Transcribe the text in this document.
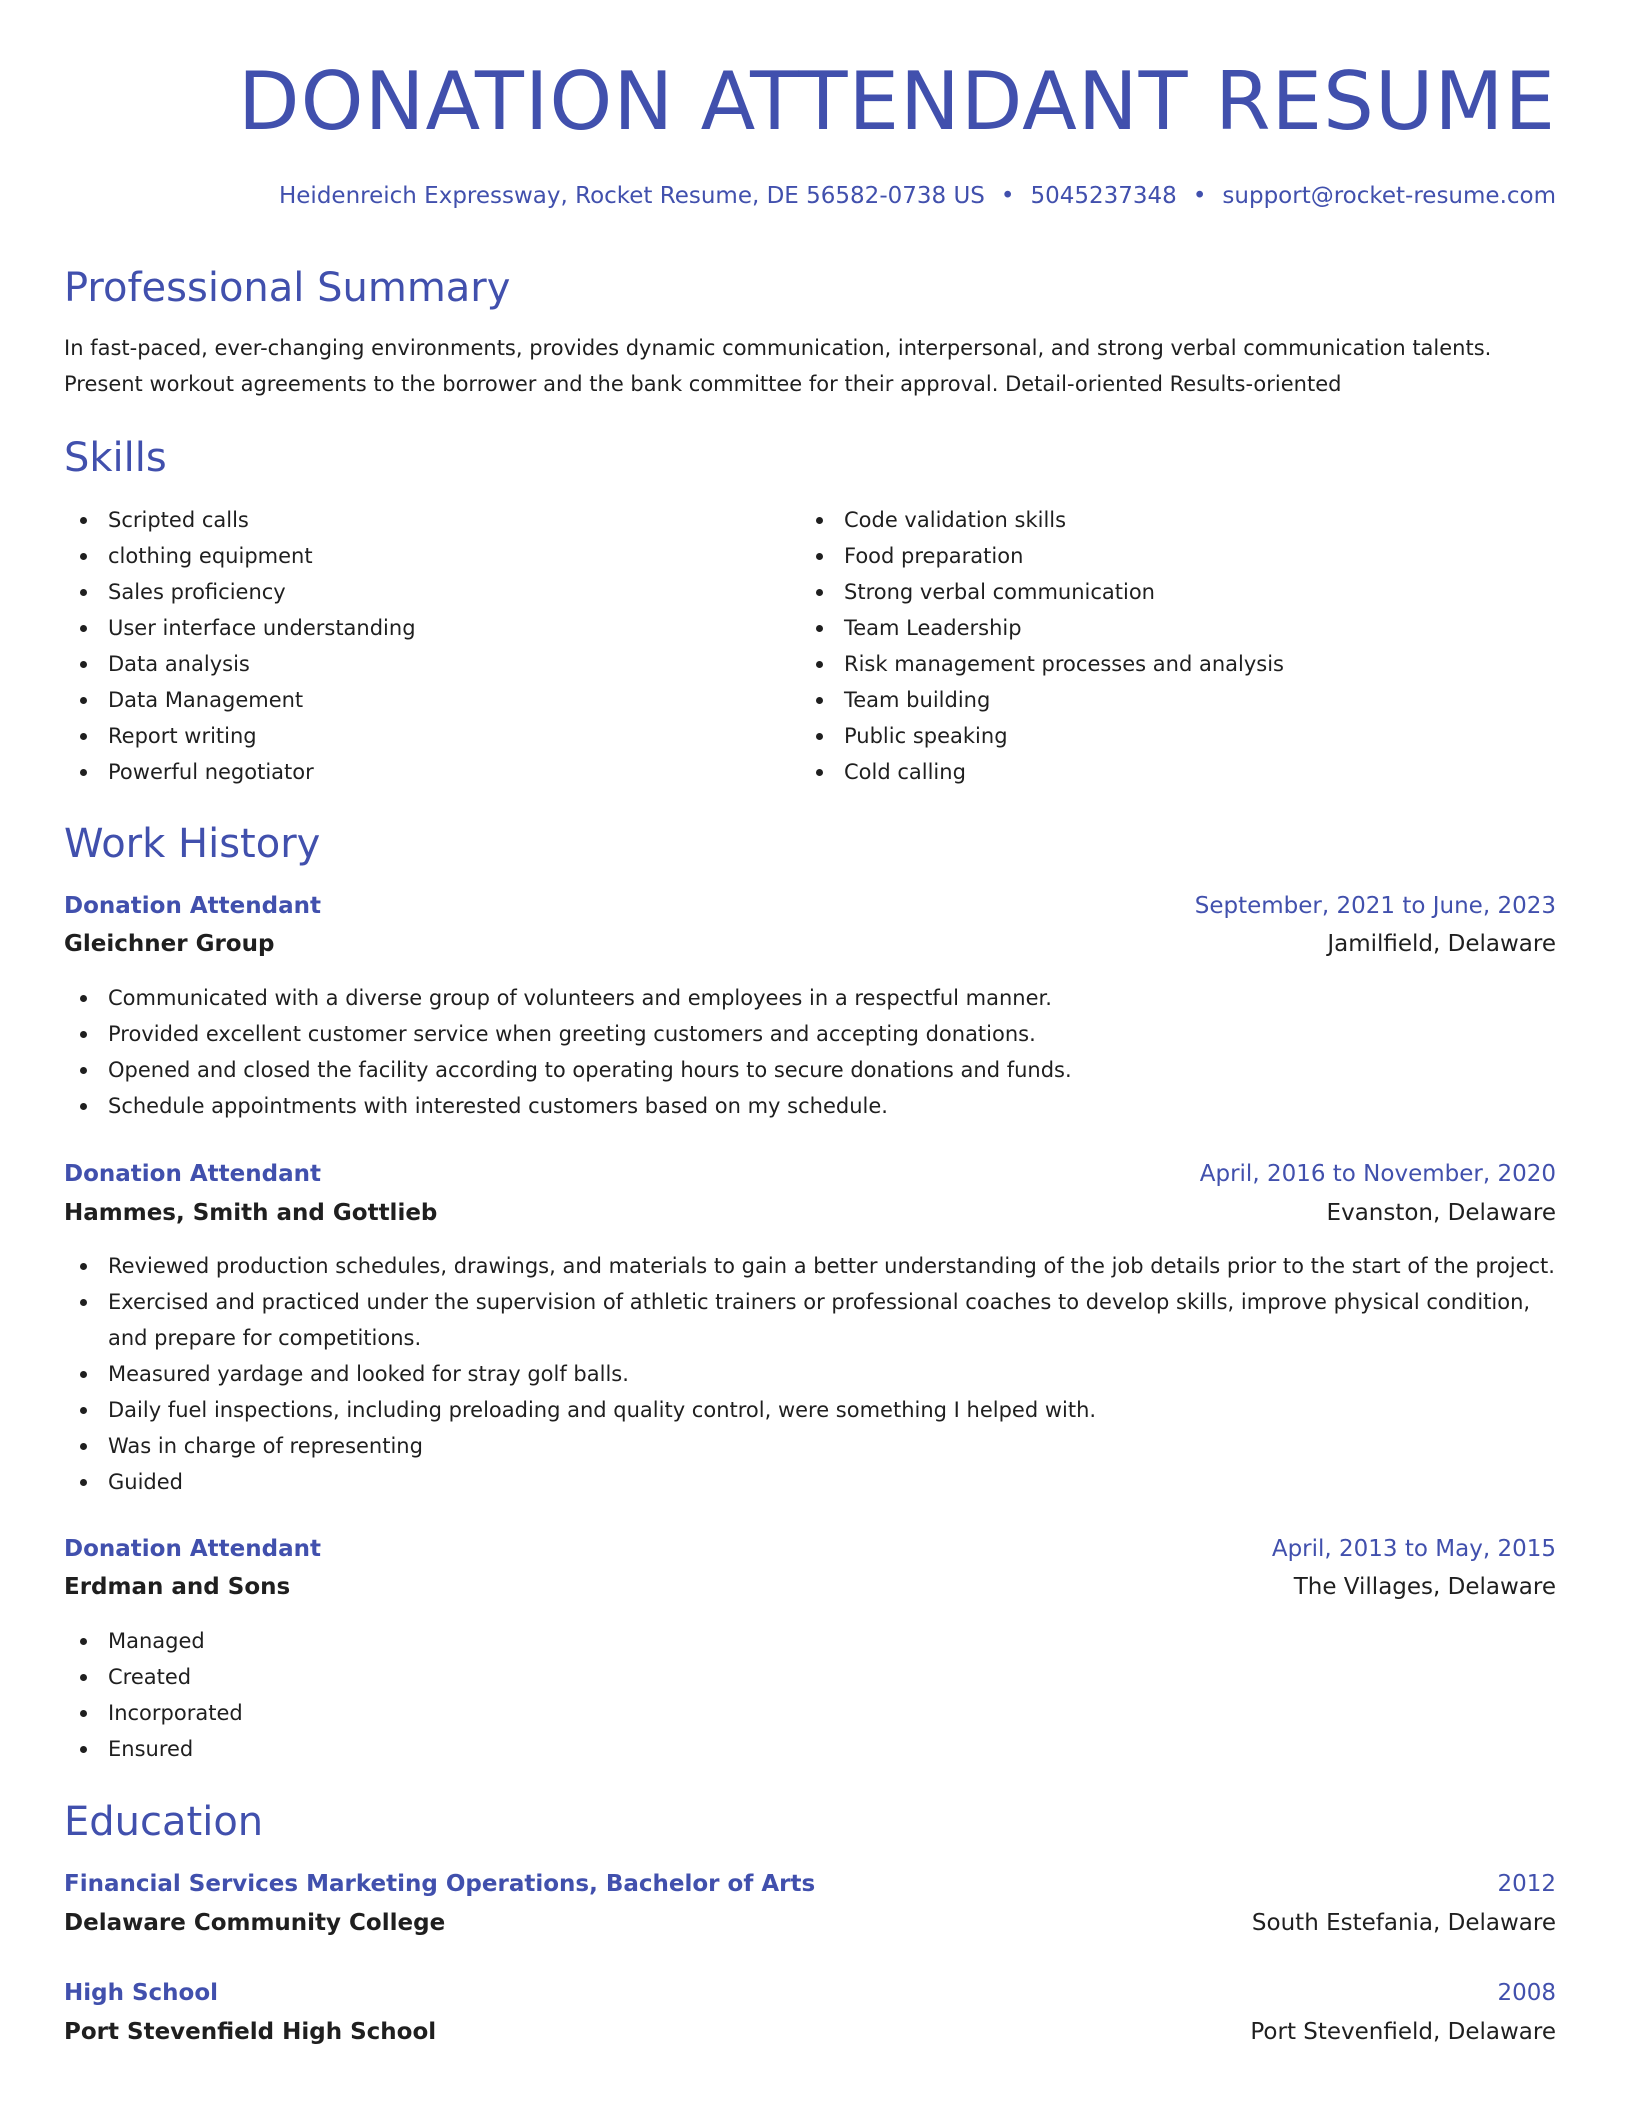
DONATION ATTENDANT RESUME
Heidenreich Expressway, Rocket Resume, DE 56582-0738 US • 5045237348 • support@rocket-resume.com
Professional Summary

In fast-paced, ever-changing environments, provides dynamic communication, interpersonal, and strong verbal communication talents. Present workout agreements to the borrower and the bank committee for their approval. Detail-oriented Results-oriented

Skills
Scripted calls
clothing equipment
Sales proficiency
User interface understanding
Data analysis
Data Management
Report writing
Powerful negotiator
Code validation skills
Food preparation
Strong verbal communication
Team Leadership
Risk management processes and analysis
Team building
Public speaking
Cold calling
Work History
Donation Attendant	September, 2021 to June, 2023
Gleichner Group	Jamilfield, Delaware
Communicated with a diverse group of volunteers and employees in a respectful manner.
Provided excellent customer service when greeting customers and accepting donations.
Opened and closed the facility according to operating hours to secure donations and funds.
Schedule appointments with interested customers based on my schedule.
Donation Attendant	April, 2016 to November, 2020
Hammes, Smith and Gottlieb	Evanston, Delaware
Reviewed production schedules, drawings, and materials to gain a better understanding of the job details prior to the start of the project.
Exercised and practiced under the supervision of athletic trainers or professional coaches to develop skills, improve physical condition, and prepare for competitions.
Measured yardage and looked for stray golf balls.
Daily fuel inspections, including preloading and quality control, were something I helped with.
Was in charge of representing
Guided
Donation Attendant	April, 2013 to May, 2015
Erdman and Sons	The Villages, Delaware
Managed
Created
Incorporated
Ensured
Education
Financial Services Marketing Operations, Bachelor of Arts	2012
Delaware Community College	South Estefania, Delaware
High School	2008
Port Stevenfield High School	Port Stevenfield, Delaware
